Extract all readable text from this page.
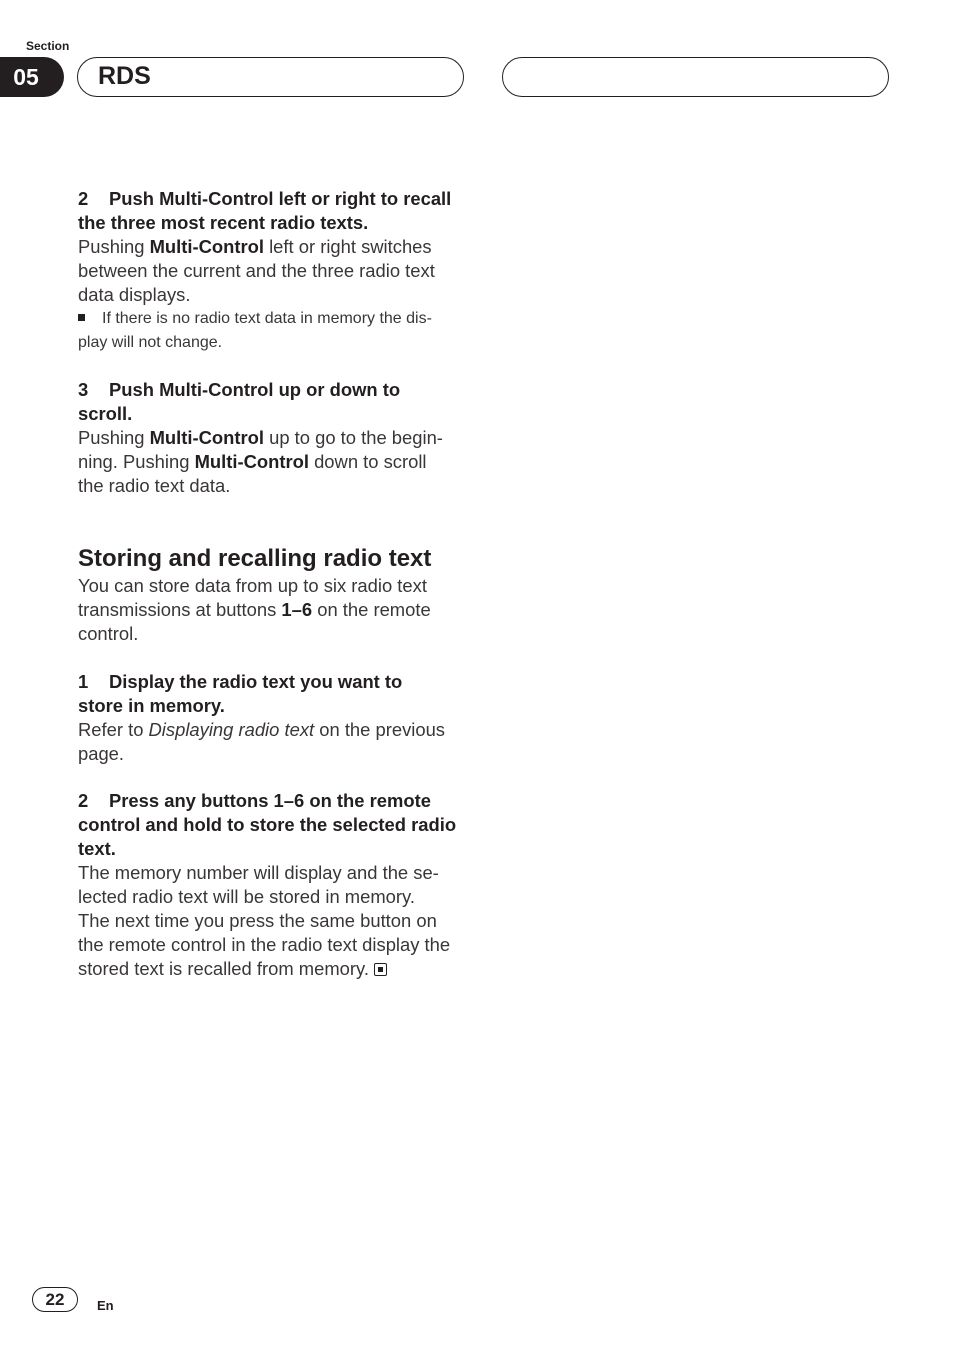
Section
05	RDS

2 Push Multi-Control left or right to recall
the three most recent radio texts.

Pushing Multi-Control left or right switches
between the current and the three radio text
data displays.

If there is no radio text data in memory the dis-
play will not change.

3 Push Multi-Control up or down to
scroll.

Pushing Multi-Control up to go to the begin-
ning. Pushing Multi-Control down to scroll
the radio text data.

Storing and recalling radio text

You can store data from up to six radio text
transmissions at buttons 1–6 on the remote
control.

1 Display the radio text you want to
store in memory.

Refer to Displaying radio text on the previous
page.

2 Press any buttons 1–6 on the remote
control and hold to store the selected radio
text.

The memory number will display and the se-
lected radio text will be stored in memory.
The next time you press the same button on
the remote control in the radio text display the
stored text is recalled from memory.

22	En
